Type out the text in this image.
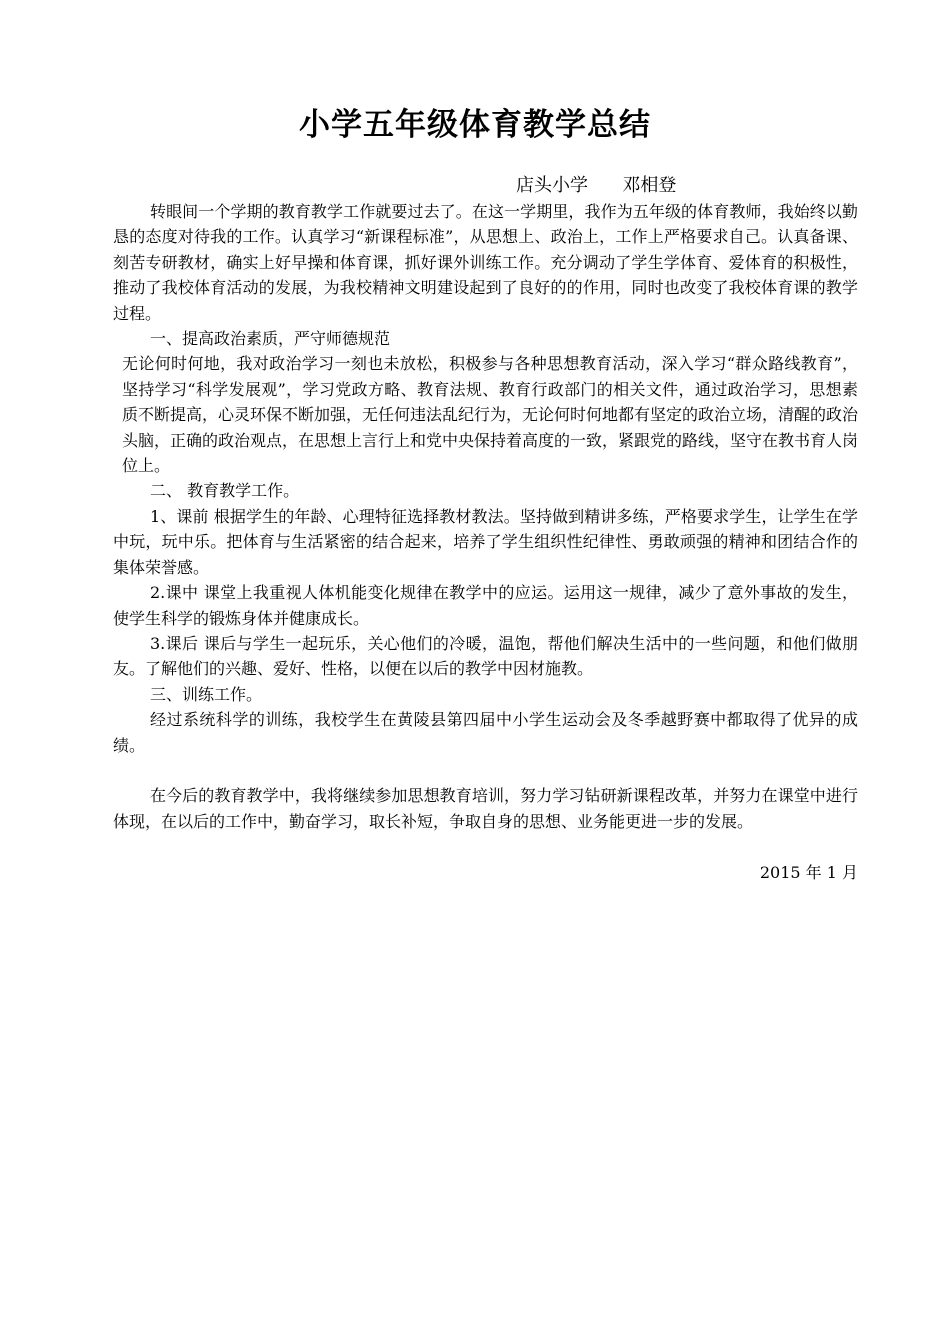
小学五年级体育教学总结
店头小学      邓相登

转眼间一个学期的教育教学工作就要过去了。在这一学期里，我作为五年级的体育教师，我始终以勤恳的态度对待我的工作。认真学习“新课程标准”，从思想上、政治上，工作上严格要求自己。认真备课、刻苦专研教材，确实上好早操和体育课，抓好课外训练工作。充分调动了学生学体育、爱体育的积极性，推动了我校体育活动的发展，为我校精神文明建设起到了良好的的作用，同时也改变了我校体育课的教学过程。

一、提高政治素质，严守师德规范

无论何时何地，我对政治学习一刻也未放松，积极参与各种思想教育活动，深入学习“群众路线教育”，坚持学习“科学发展观”，学习党政方略、教育法规、教育行政部门的相关文件，通过政治学习，思想素质不断提高，心灵环保不断加强，无任何违法乱纪行为，无论何时何地都有坚定的政治立场，清醒的政治头脑，正确的政治观点，在思想上言行上和党中央保持着高度的一致，紧跟党的路线，坚守在教书育人岗位上。

二、 教育教学工作。

1、课前 根据学生的年龄、心理特征选择教材教法。坚持做到精讲多练，严格要求学生，让学生在学中玩，玩中乐。把体育与生活紧密的结合起来，培养了学生组织性纪律性、勇敢顽强的精神和团结合作的集体荣誉感。

2.课中 课堂上我重视人体机能变化规律在教学中的应运。运用这一规律，减少了意外事故的发生，使学生科学的锻炼身体并健康成长。

3.课后 课后与学生一起玩乐，关心他们的冷暖，温饱，帮他们解决生活中的一些问题，和他们做朋友。了解他们的兴趣、爱好、性格，以便在以后的教学中因材施教。

三、训练工作。

经过系统科学的训练，我校学生在黄陵县第四届中小学生运动会及冬季越野赛中都取得了优异的成绩。

在今后的教育教学中，我将继续参加思想教育培训，努力学习钻研新课程改革，并努力在课堂中进行体现，在以后的工作中，勤奋学习，取长补短，争取自身的思想、业务能更进一步的发展。

2015 年 1 月
